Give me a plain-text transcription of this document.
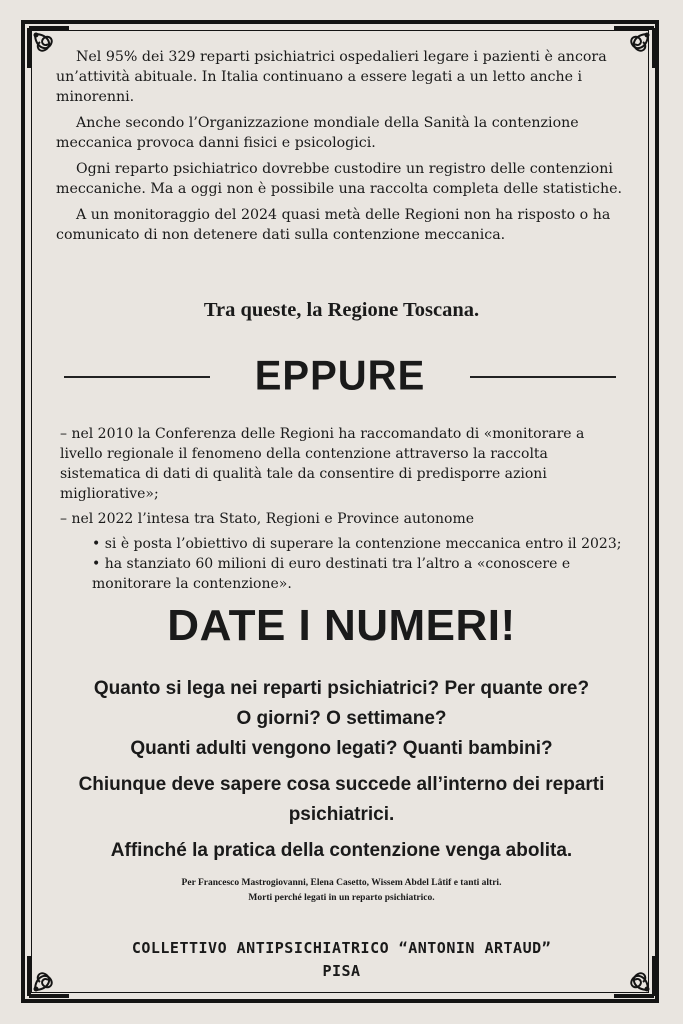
Nel 95% dei 329 reparti psichiatrici ospedalieri legare i pazienti è ancora un’attività abituale. In Italia continuano a essere legati a un letto anche i minorenni.

Anche secondo l’Organizzazione mondiale della Sanità la contenzione meccanica provoca danni fisici e psicologici.

Ogni reparto psichiatrico dovrebbe custodire un registro delle contenzioni meccaniche. Ma a oggi non è possibile una raccolta completa delle statistiche.

A un monitoraggio del 2024 quasi metà delle Regioni non ha risposto o ha comunicato di non detenere dati sulla contenzione meccanica.

Tra queste, la Regione Toscana.
EPPURE

– nel 2010 la Conferenza delle Regioni ha raccomandato di «monitorare a livello regionale il fenomeno della contenzione attraverso la raccolta sistematica di dati di qualità tale da consentire di predisporre azioni migliorative»;

– nel 2022 l’intesa tra Stato, Regioni e Province autonome

• si è posta l’obiettivo di superare la contenzione meccanica entro il 2023;

• ha stanziato 60 milioni di euro destinati tra l’altro a «conoscere e monitorare la contenzione».

DATE I NUMERI!

Quanto si lega nei reparti psichiatrici? Per quante ore?

O giorni? O settimane?

Quanti adulti vengono legati? Quanti bambini?

Chiunque deve sapere cosa succede all’interno dei reparti psichiatrici.

Affinché la pratica della contenzione venga abolita.

Per Francesco Mastrogiovanni, Elena Casetto, Wissem Abdel Lâtif e tanti altri.

Morti perché legati in un reparto psichiatrico.

COLLETTIVO ANTIPSICHIATRICO “ANTONIN ARTAUD”

PISA
